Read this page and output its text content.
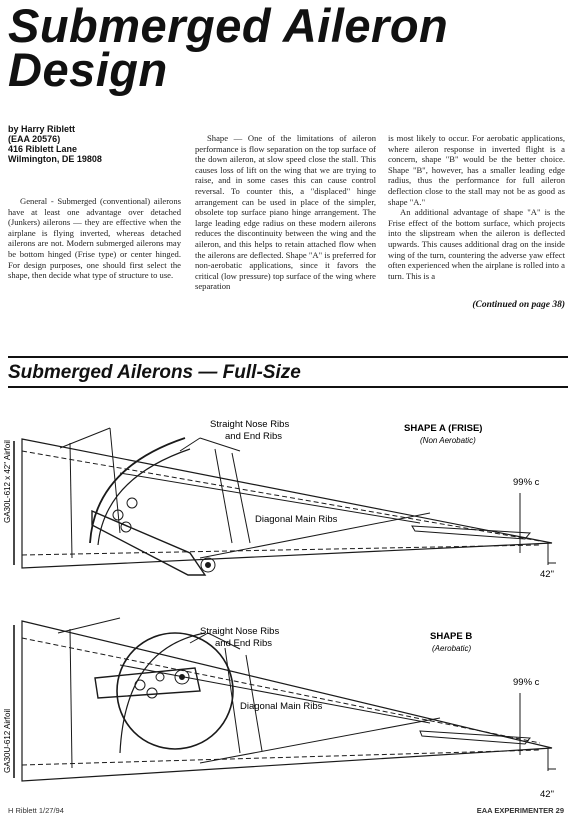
Submerged Aileron
Design
by Harry Riblett
(EAA 20576)
416 Riblett Lane
Wilmington, DE 19808

General - Submerged (conventional) ailerons have at least one advantage over detached (Junkers) ailerons — they are effective when the airplane is flying inverted, whereas detached ailerons are not. Modern submerged ailerons may be bottom hinged (Frise type) or center hinged. For design purposes, one should first select the shape, then decide what type of structure to use.

Shape — One of the limitations of aileron performance is flow separation on the top surface of the down aileron, at slow speed close the stall. This causes loss of lift on the wing that we are trying to raise, and in some cases this can cause control reversal. To counter this, a "displaced" hinge arrangement can be used in place of the simpler, obsolete top surface piano hinge arrangement. The large leading edge radius on these modern ailerons reduces the discontinuity between the wing and the aileron, and this helps to retain attached flow when the ailerons are deflected. Shape "A" is preferred for non-aerobatic applications, since it favors the critical (low pressure) top surface of the wing where separation

is most likely to occur. For aerobatic applications, where aileron response in inverted flight is a concern, shape "B" would be the better choice. Shape "B", however, has a smaller leading edge radius, thus the performance for full aileron deflection close to the stall may not be as good as shape "A."

An additional advantage of shape "A" is the Frise effect of the bottom surface, which projects into the slipstream when the aileron is deflected upwards. This causes additional drag on the inside wing of the turn, countering the adverse yaw effect often experienced when the airplane is rolled into a turn. This is a

(Continued on page 38)
Submerged Ailerons — Full-Size
GA30L-612 x 42" Airfoil
Straight Nose Ribs
and End Ribs
SHAPE A (FRISE)
(Non Aerobatic)
99% c
Diagonal Main Ribs
42"
GA30U-612 Airfoil
Straight Nose Ribs
and End Ribs
SHAPE B
(Aerobatic)
99% c
Diagonal Main Ribs
42"
H Riblett 1/27/94	EAA EXPERIMENTER 29
